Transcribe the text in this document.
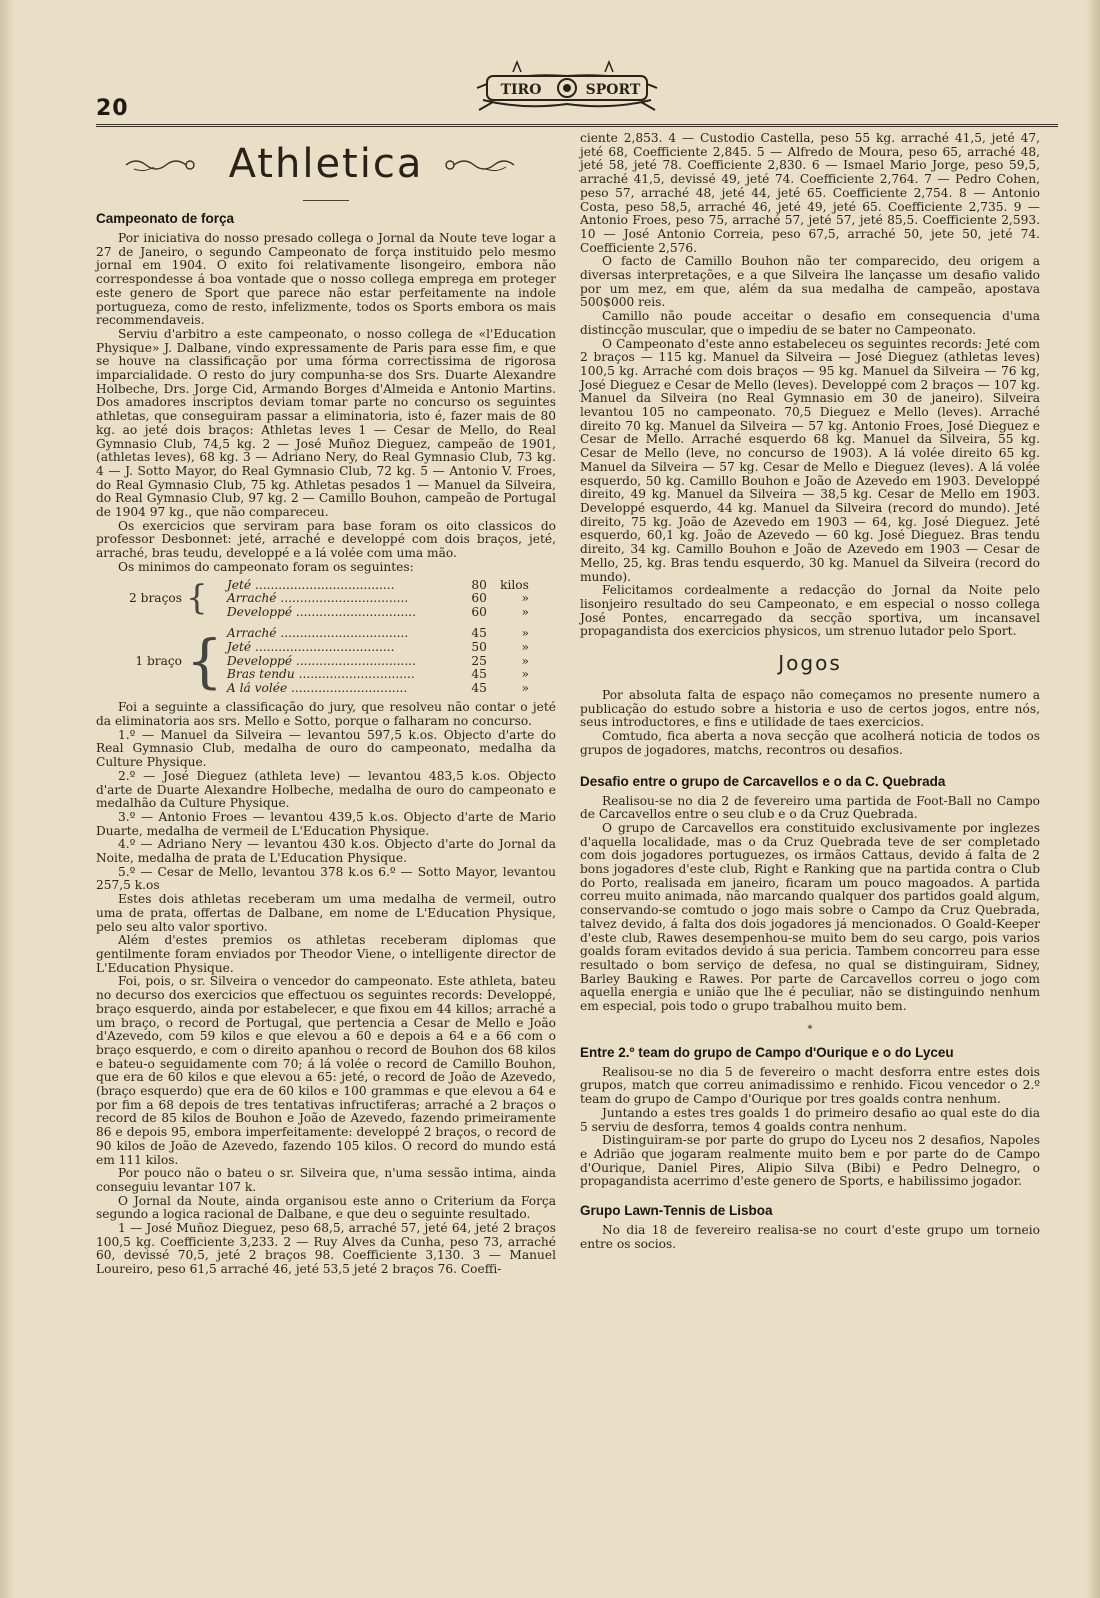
20
TIRO	SPORT
Athletica
Campeonato de força

Por iniciativa do nosso presado collega o Jornal da Noute teve logar a 27 de Janeiro, o segundo Campeonato de força instituido pelo mesmo jornal em 1904. O exito foi relativamente lisongeiro, embora não correspondesse á boa vontade que o nosso collega emprega em proteger este genero de Sport que parece não estar perfeitamente na indole portugueza, como de resto, infelizmente, todos os Sports embora os mais recommendaveis.

Serviu d'arbitro a este campeonato, o nosso collega de «l'Education Physique» J. Dalbane, vindo expressamente de Paris para esse fim, e que se houve na classificação por uma fórma correctissima de rigorosa imparcialidade. O resto do jury compunha-se dos Srs. Duarte Alexandre Holbeche, Drs. Jorge Cid, Armando Borges d'Almeida e Antonio Martins. Dos amadores inscriptos deviam tomar parte no concurso os seguintes athletas, que conseguiram passar a eliminatoria, isto é, fazer mais de 80 kg. ao jeté dois braços: Athletas leves 1 — Cesar de Mello, do Real Gymnasio Club, 74,5 kg. 2 — José Muñoz Dieguez, campeão de 1901, (athletas leves), 68 kg. 3 — Adriano Nery, do Real Gymnasio Club, 73 kg. 4 — J. Sotto Mayor, do Real Gymnasio Club, 72 kg. 5 — Antonio V. Froes, do Real Gymnasio Club, 75 kg. Athletas pesados 1 — Manuel da Silveira, do Real Gymnasio Club, 97 kg. 2 — Camillo Bouhon, campeão de Portugal de 1904 97 kg., que não compareceu.

Os exercicios que serviram para base foram os oito classicos do professor Desbonnet: jeté, arraché e developpé com dois braços, jeté, arraché, bras teudu, developpé e a lá volée com uma mão.

Os minimos do campeonato foram os seguintes:

2 braços	{	Jeté ....................................	80	kilos
		Arraché .................................	60	»
		Developpé ...............................	60	»

1 braço	{	Arraché .................................	45	»
		Jeté ....................................	50	»
		Developpé ...............................	25	»
		Bras tendu ..............................	45	»
		A lá volée ..............................	45	»

Foi a seguinte a classificação do jury, que resolveu não contar o jeté da eliminatoria aos srs. Mello e Sotto, porque o falharam no concurso.

1.º — Manuel da Silveira — levantou 597,5 k.os. Objecto d'arte do Real Gymnasio Club, medalha de ouro do campeonato, medalha da Culture Physique.

2.º — José Dieguez (athleta leve) — levantou 483,5 k.os. Objecto d'arte de Duarte Alexandre Holbeche, medalha de ouro do campeonato e medalhão da Culture Physique.

3.º — Antonio Froes — levantou 439,5 k.os. Objecto d'arte de Mario Duarte, medalha de vermeil de L'Education Physique.

4.º — Adriano Nery — levantou 430 k.os. Objecto d'arte do Jornal da Noite, medalha de prata de L'Education Physique.

5.º — Cesar de Mello, levantou 378 k.os 6.º — Sotto Mayor, levantou 257,5 k.os

Estes dois athletas receberam um uma medalha de vermeil, outro uma de prata, offertas de Dalbane, em nome de L'Education Physique, pelo seu alto valor sportivo.

Além d'estes premios os athletas receberam diplomas que gentilmente foram enviados por Theodor Viene, o intelligente director de L'Education Physique.

Foi, pois, o sr. Silveira o vencedor do campeonato. Este athleta, bateu no decurso dos exercicios que effectuou os seguintes records: Developpé, braço esquerdo, ainda por estabelecer, e que fixou em 44 killos; arraché a um braço, o record de Portugal, que pertencia a Cesar de Mello e João d'Azevedo, com 59 kilos e que elevou a 60 e depois a 64 e a 66 com o braço esquerdo, e com o direito apanhou o record de Bouhon dos 68 kilos e bateu-o seguidamente com 70; á lá volée o record de Camillo Bouhon, que era de 60 kilos e que elevou a 65: jeté, o record de João de Azevedo, (braço esquerdo) que era de 60 kilos e 100 grammas e que elevou a 64 e por fim a 68 depois de tres tentativas infructiferas; arraché a 2 braços o record de 85 kilos de Bouhon e João de Azevedo, fazendo primeiramente 86 e depois 95, embora imperfeitamente: developpé 2 braços, o record de 90 kilos de João de Azevedo, fazendo 105 kilos. O record do mundo está em 111 kilos.

Por pouco não o bateu o sr. Silveira que, n'uma sessão intima, ainda conseguiu levantar 107 k.

O Jornal da Noute, ainda organisou este anno o Criterium da Força segundo a logica racional de Dalbane, e que deu o seguinte resultado.

1 — José Muñoz Dieguez, peso 68,5, arraché 57, jeté 64, jeté 2 braços 100,5 kg. Coefficiente 3,233. 2 — Ruy Alves da Cunha, peso 73, arraché 60, devissé 70,5, jeté 2 braços 98. Coefficiente 3,130. 3 — Manuel Loureiro, peso 61,5 arraché 46, jeté 53,5 jeté 2 braços 76. Coeffi-

ciente 2,853. 4 — Custodio Castella, peso 55 kg. arraché 41,5, jeté 47, jeté 68, Coefficiente 2,845. 5 — Alfredo de Moura, peso 65, arraché 48, jeté 58, jeté 78. Coefficiente 2,830. 6 — Ismael Mario Jorge, peso 59,5, arraché 41,5, devissé 49, jeté 74. Coefficiente 2,764. 7 — Pedro Cohen, peso 57, arraché 48, jeté 44, jeté 65. Coefficiente 2,754. 8 — Antonio Costa, peso 58,5, arraché 46, jeté 49, jeté 65. Coefficiente 2,735. 9 — Antonio Froes, peso 75, arraché 57, jeté 57, jeté 85,5. Coefficiente 2,593. 10 — José Antonio Correia, peso 67,5, arraché 50, jete 50, jeté 74. Coefficiente 2,576.

O facto de Camillo Bouhon não ter comparecido, deu origem a diversas interpretações, e a que Silveira lhe lançasse um desafio valido por um mez, em que, além da sua medalha de campeão, apostava 500$000 reis.

Camillo não poude acceitar o desafio em consequencia d'uma distincção muscular, que o impediu de se bater no Campeonato.

O Campeonato d'este anno estabeleceu os seguintes records: Jeté com 2 braços — 115 kg. Manuel da Silveira — José Dieguez (athletas leves) 100,5 kg. Arraché com dois braços — 95 kg. Manuel da Silveira — 76 kg, José Dieguez e Cesar de Mello (leves). Developpé com 2 braços — 107 kg. Manuel da Silveira (no Real Gymnasio em 30 de janeiro). Silveira levantou 105 no campeonato. 70,5 Dieguez e Mello (leves). Arraché direito 70 kg. Manuel da Silveira — 57 kg. Antonio Froes, José Dieguez e Cesar de Mello. Arraché esquerdo 68 kg. Manuel da Silveira, 55 kg. Cesar de Mello (leve, no concurso de 1903). A lá volée direito 65 kg. Manuel da Silveira — 57 kg. Cesar de Mello e Dieguez (leves). A lá volée esquerdo, 50 kg. Camillo Bouhon e João de Azevedo em 1903. Developpé direito, 49 kg. Manuel da Silveira — 38,5 kg. Cesar de Mello em 1903. Developpé esquerdo, 44 kg. Manuel da Silveira (record do mundo). Jeté direito, 75 kg. João de Azevedo em 1903 — 64, kg. José Dieguez. Jeté esquerdo, 60,1 kg. João de Azevedo — 60 kg. José Dieguez. Bras tendu direito, 34 kg. Camillo Bouhon e João de Azevedo em 1903 — Cesar de Mello, 25, kg. Bras tendu esquerdo, 30 kg. Manuel da Silveira (record do mundo).

Felicitamos cordealmente a redacção do Jornal da Noite pelo lisonjeiro resultado do seu Campeonato, e em especial o nosso collega José Pontes, encarregado da secção sportiva, um incansavel propagandista dos exercicios physicos, um strenuo lutador pelo Sport.

Jogos

Por absoluta falta de espaço não começamos no presente numero a publicação do estudo sobre a historia e uso de certos jogos, entre nós, seus introductores, e fins e utilidade de taes exercicios.

Comtudo, fica aberta a nova secção que acolherá noticia de todos os grupos de jogadores, matchs, recontros ou desafios.

Desafio entre o grupo de Carcavellos e o da C. Quebrada

Realisou-se no dia 2 de fevereiro uma partida de Foot-Ball no Campo de Carcavellos entre o seu club e o da Cruz Quebrada.

O grupo de Carcavellos era constituido exclusivamente por inglezes d'aquella localidade, mas o da Cruz Quebrada teve de ser completado com dois jogadores portuguezes, os irmãos Cattaus, devido á falta de 2 bons jogadores d'este club, Right e Ranking que na partida contra o Club do Porto, realisada em janeiro, ficaram um pouco magoados. A partida correu muito animada, não marcando qualquer dos partidos goald algum, conservando-se comtudo o jogo mais sobre o Campo da Cruz Quebrada, talvez devido, á falta dos dois jogadores já mencionados. O Goald-Keeper d'este club, Rawes desempenhou-se muito bem do seu cargo, pois varios goalds foram evitados devido á sua pericia. Tambem concorreu para esse resultado o bom serviço de defesa, no qual se distinguiram, Sidney, Barley Bauking e Rawes. Por parte de Carcavellos correu o jogo com aquella energia e união que lhe é peculiar, não se distinguindo nenhum em especial, pois todo o grupo trabalhou muito bem.

*
Entre 2.º team do grupo de Campo d'Ourique e o do Lyceu

Realisou-se no dia 5 de fevereiro o macht desforra entre estes dois grupos, match que correu animadissimo e renhido. Ficou vencedor o 2.º team do grupo de Campo d'Ourique por tres goalds contra nenhum.

Juntando a estes tres goalds 1 do primeiro desafio ao qual este do dia 5 serviu de desforra, temos 4 goalds contra nenhum.

Distinguiram-se por parte do grupo do Lyceu nos 2 desafios, Napoles e Adrião que jogaram realmente muito bem e por parte do de Campo d'Ourique, Daniel Pires, Alipio Silva (Bibi) e Pedro Delnegro, o propagandista acerrimo d'este genero de Sports, e habilissimo jogador.

Grupo Lawn-Tennis de Lisboa

No dia 18 de fevereiro realisa-se no court d'este grupo um torneio entre os socios.
